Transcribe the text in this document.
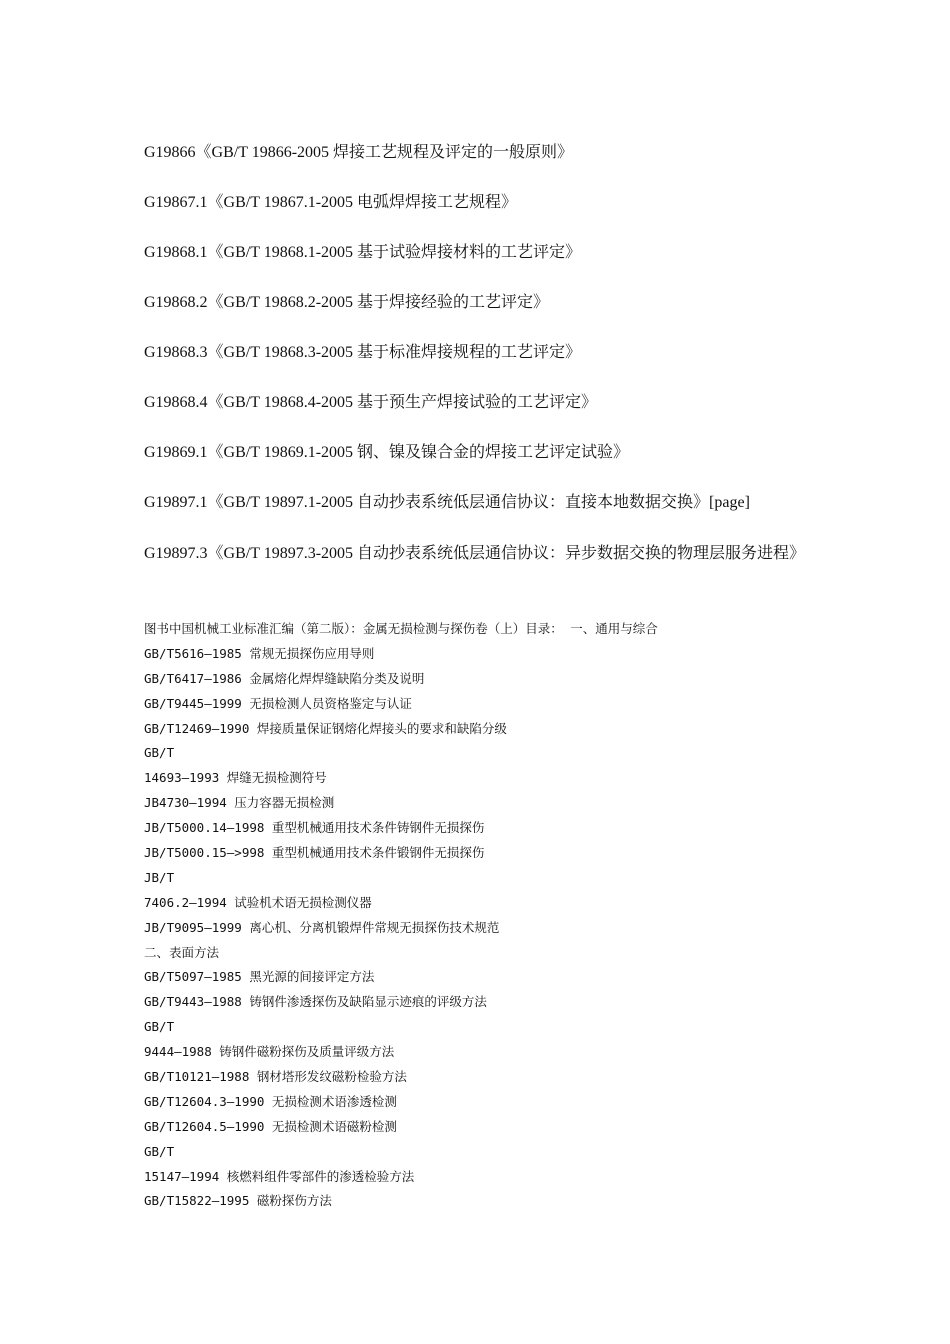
G19866《GB/T 19866-2005 焊接工艺规程及评定的一般原则》

G19867.1《GB/T 19867.1-2005 电弧焊焊接工艺规程》

G19868.1《GB/T 19868.1-2005 基于试验焊接材料的工艺评定》

G19868.2《GB/T 19868.2-2005 基于焊接经验的工艺评定》

G19868.3《GB/T 19868.3-2005 基于标准焊接规程的工艺评定》

G19868.4《GB/T 19868.4-2005 基于预生产焊接试验的工艺评定》

G19869.1《GB/T 19869.1-2005 钢、镍及镍合金的焊接工艺评定试验》

G19897.1《GB/T 19897.1-2005 自动抄表系统低层通信协议：直接本地数据交换》[page]

G19897.3《GB/T 19897.3-2005 自动抄表系统低层通信协议：异步数据交换的物理层服务进程》

图书中国机械工业标准汇编（第二版）：金属无损检测与探伤卷（上）目录： 一、通用与综合
GB/T5616—1985 常规无损探伤应用导则
GB/T6417—1986 金属熔化焊焊缝缺陷分类及说明
GB/T9445—1999 无损检测人员资格鉴定与认证
GB/T12469—1990 焊接质量保证钢熔化焊接头的要求和缺陷分级
GB/T
14693—1993 焊缝无损检测符号
JB4730—1994 压力容器无损检测
JB/T5000.14—1998 重型机械通用技术条件铸钢件无损探伤
JB/T5000.15—>998 重型机械通用技术条件锻钢件无损探伤
JB/T
7406.2—1994 试验机术语无损检测仪器
JB/T9095—1999 离心机、分离机锻焊件常规无损探伤技术规范
二、表面方法
GB/T5097—1985 黑光源的间接评定方法
GB/T9443—1988 铸钢件渗透探伤及缺陷显示迹痕的评级方法
GB/T
9444—1988 铸钢件磁粉探伤及质量评级方法
GB/T10121—1988 钢材塔形发纹磁粉检验方法
GB/T12604.3—1990 无损检测术语渗透检测
GB/T12604.5—1990 无损检测术语磁粉检测
GB/T
15147—1994 核燃料组件零部件的渗透检验方法
GB/T15822—1995 磁粉探伤方法
